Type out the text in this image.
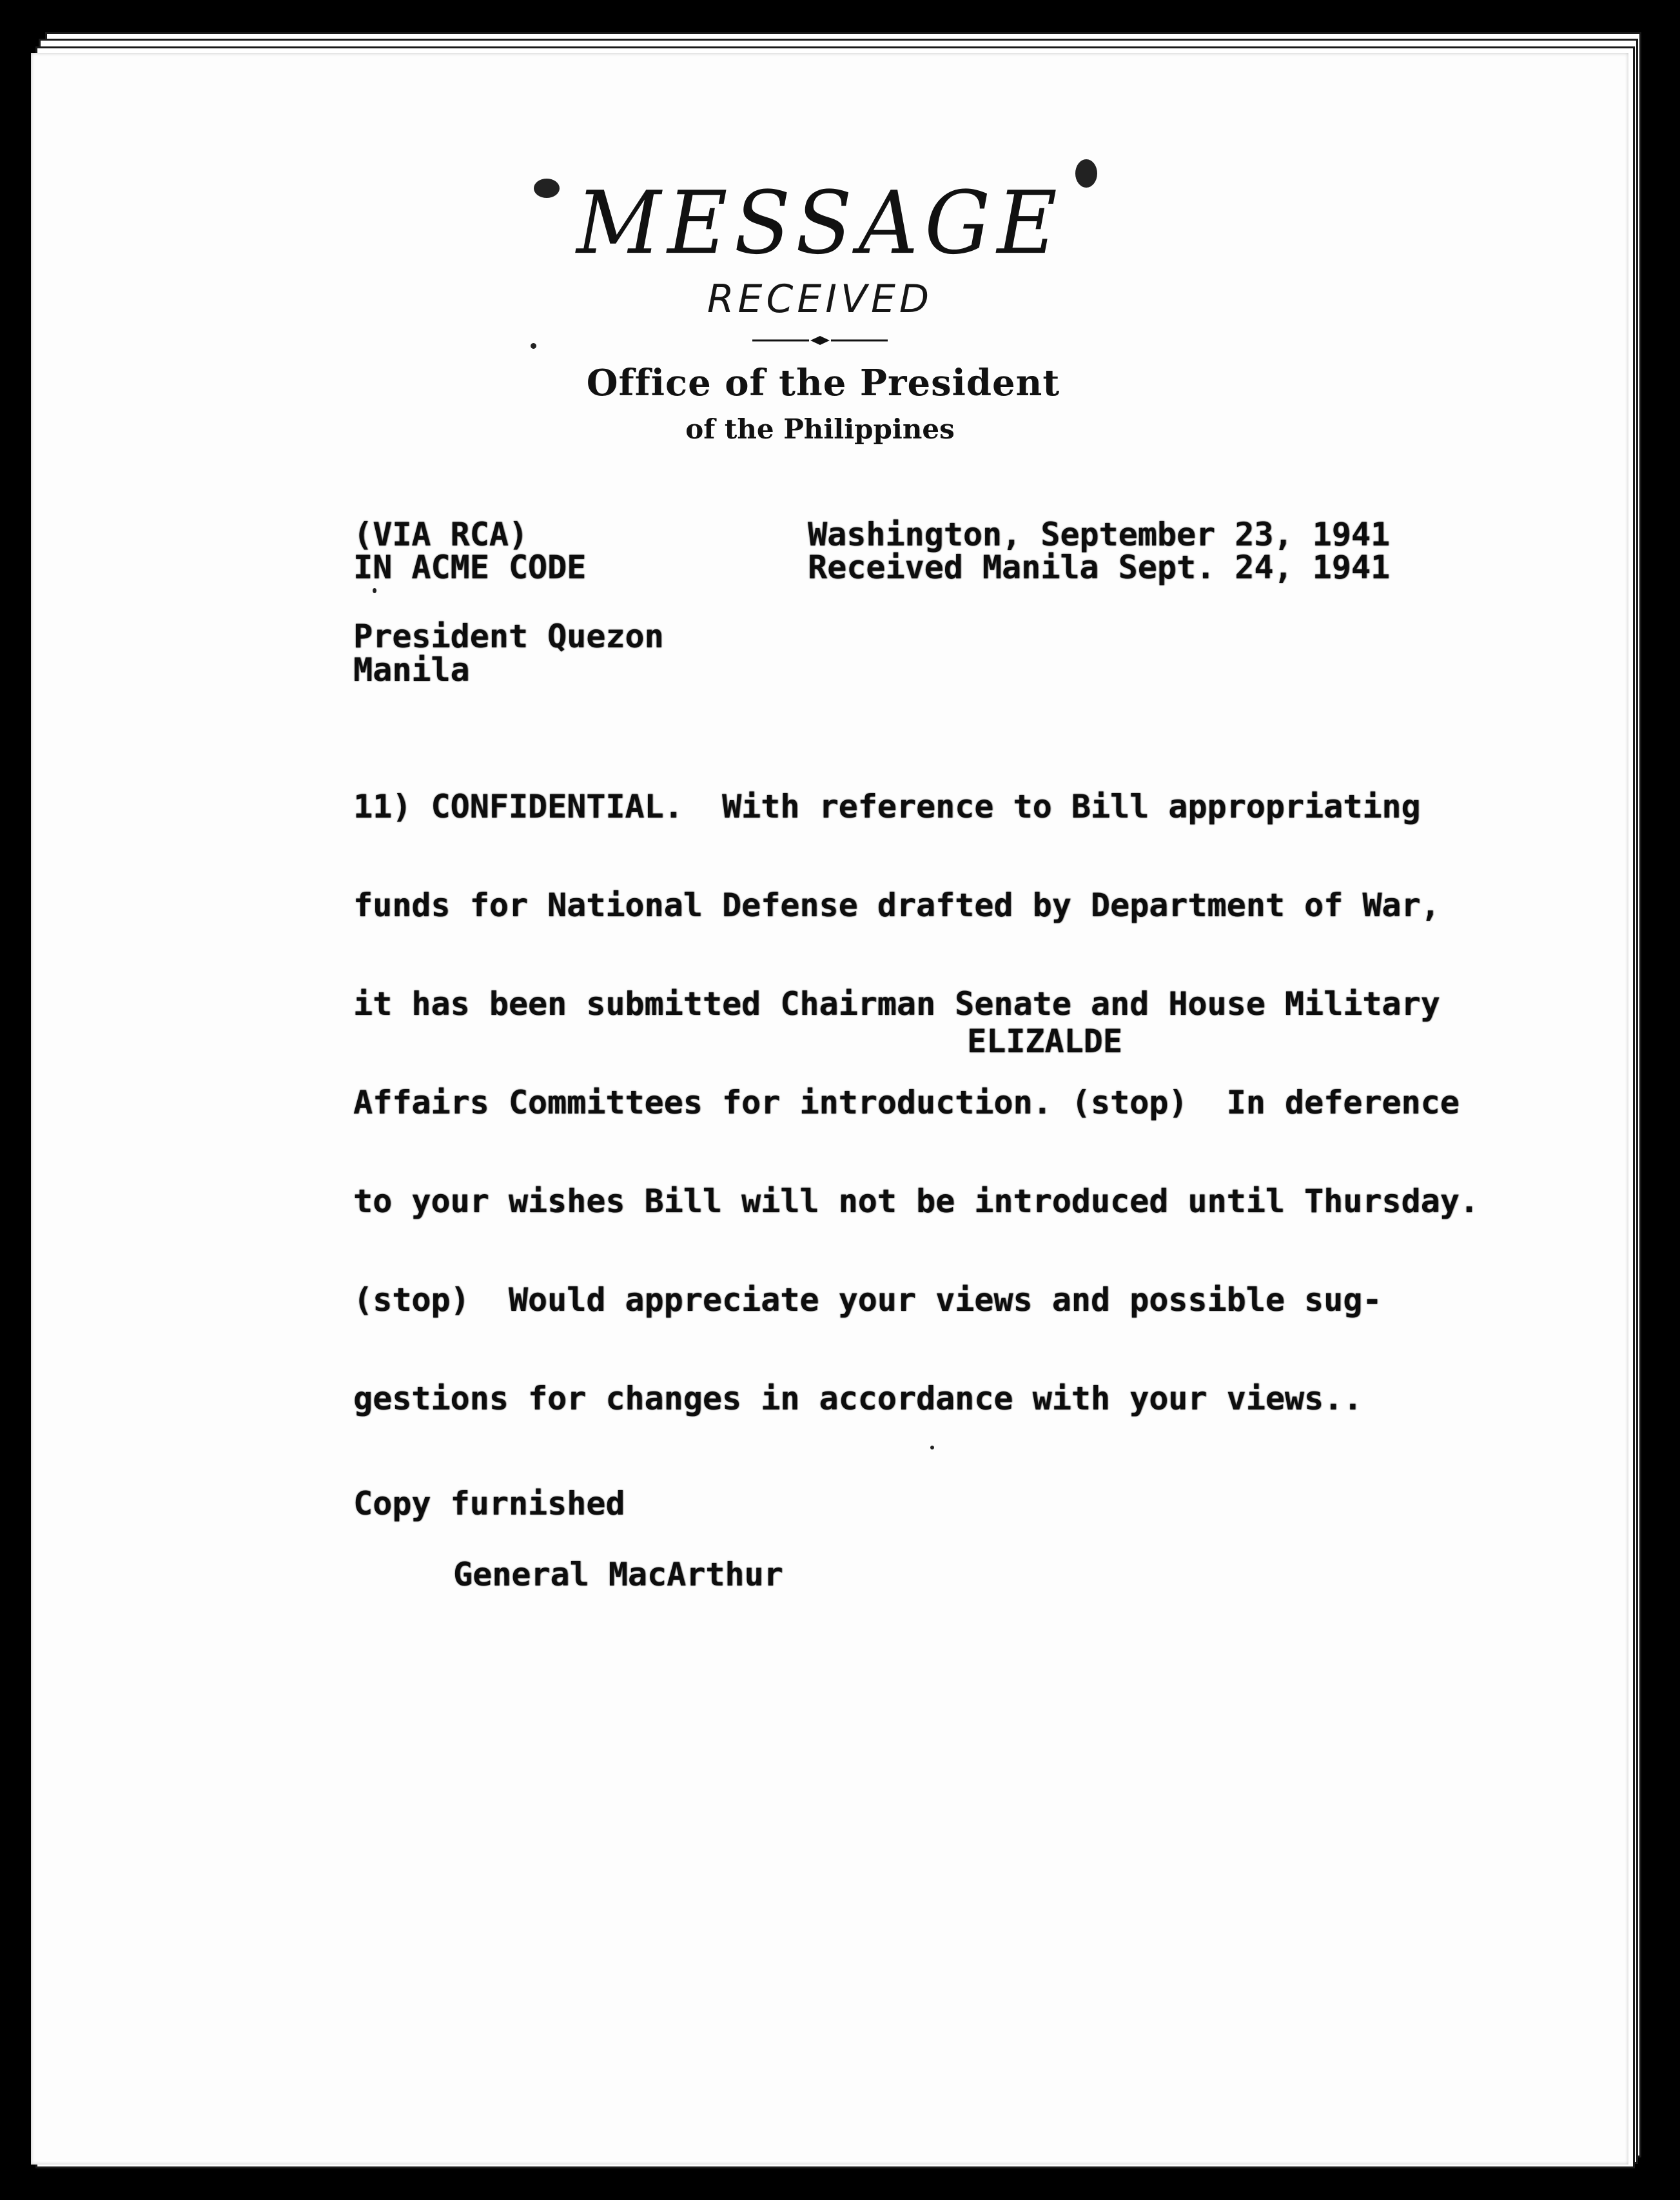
MESSAGE
RECEIVED
Office of the President
of the Philippines

(VIA RCA)

IN ACME CODE

Washington, September 23, 1941

Received Manila Sept. 24, 1941

President Quezon

Manila

11) CONFIDENTIAL.  With reference to Bill appropriating

funds for National Defense drafted by Department of War,

it has been submitted Chairman Senate and House Military

Affairs Committees for introduction. (stop)  In deference

to your wishes Bill will not be introduced until Thursday.

(stop)  Would appreciate your views and possible sug-

gestions for changes in accordance with your views..

ELIZALDE

Copy furnished

General MacArthur
